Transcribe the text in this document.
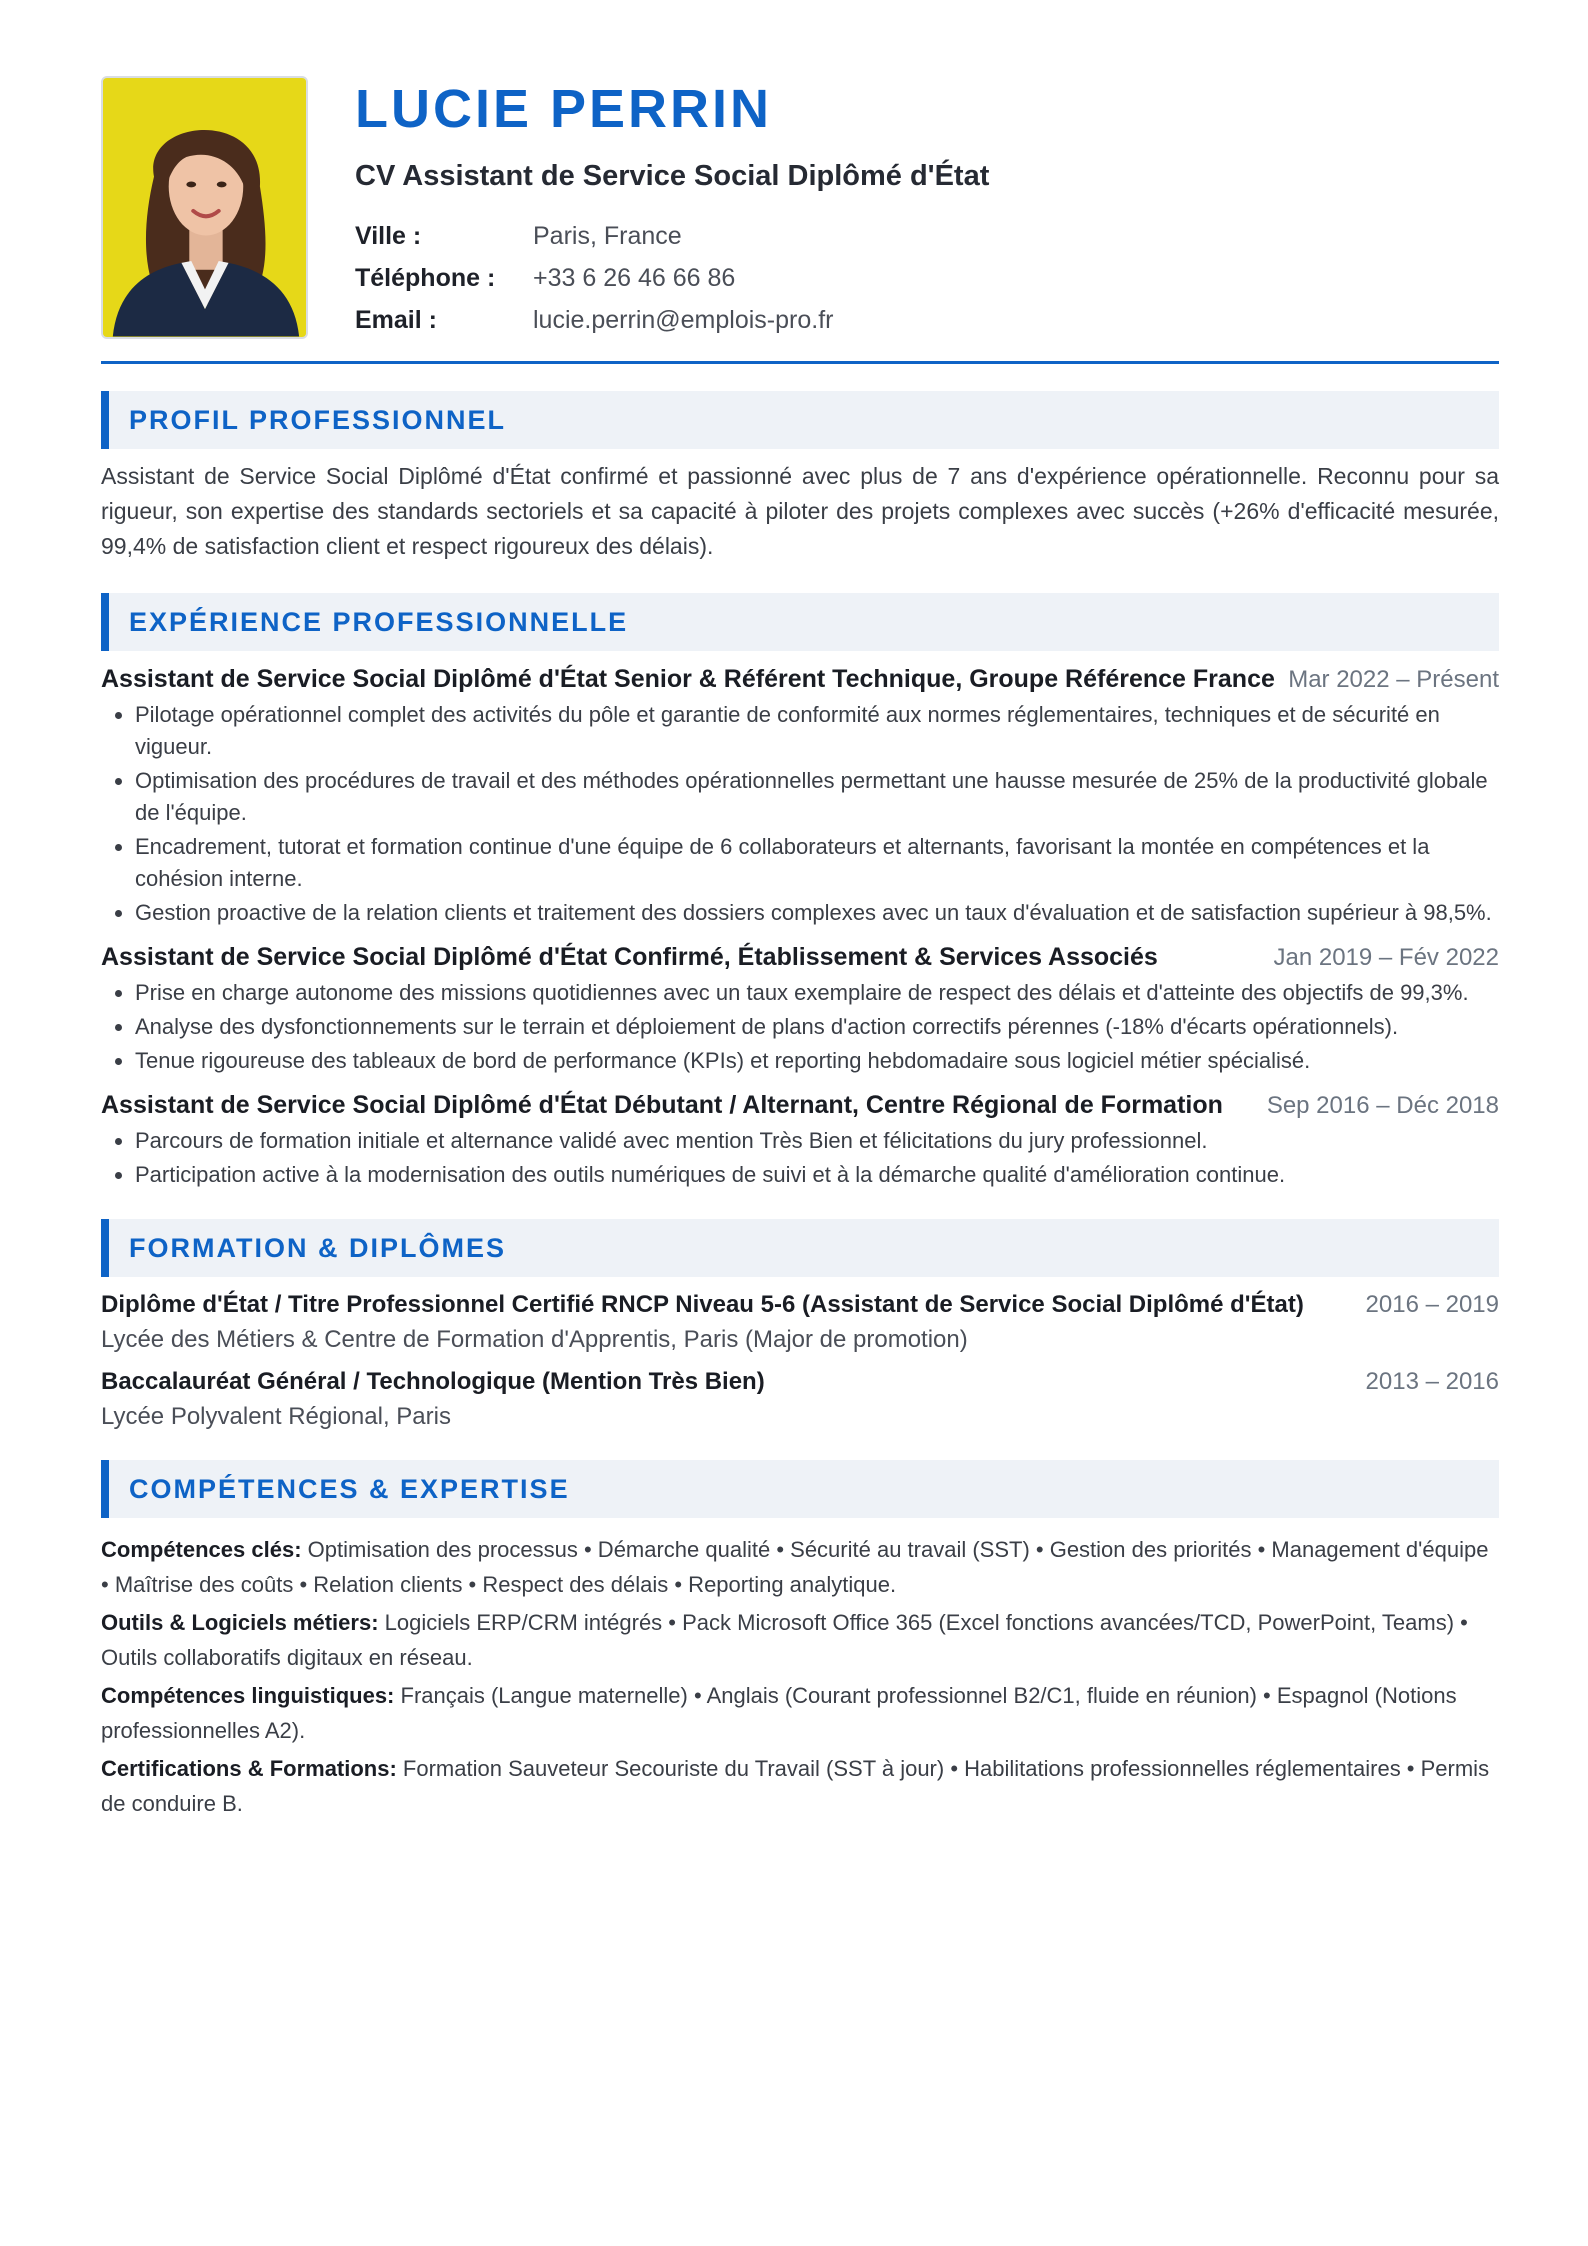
LUCIE PERRIN
CV Assistant de Service Social Diplômé d'État
Ville :	Paris, France
Téléphone :	+33 6 26 46 66 86
Email :	lucie.perrin@emplois-pro.fr
PROFIL PROFESSIONNEL

Assistant de Service Social Diplômé d'État confirmé et passionné avec plus de 7 ans d'expérience opérationnelle. Reconnu pour sa rigueur, son expertise des standards sectoriels et sa capacité à piloter des projets complexes avec succès (+26% d'efficacité mesurée, 99,4% de satisfaction client et respect rigoureux des délais).

EXPÉRIENCE PROFESSIONNELLE
Assistant de Service Social Diplômé d'État Senior & Référent Technique, Groupe Référence France Mar 2022 – Présent
• Pilotage opérationnel complet des activités du pôle et garantie de conformité aux normes réglementaires, techniques et de sécurité en vigueur.
• Optimisation des procédures de travail et des méthodes opérationnelles permettant une hausse mesurée de 25% de la productivité globale de l'équipe.
• Encadrement, tutorat et formation continue d'une équipe de 6 collaborateurs et alternants, favorisant la montée en compétences et la cohésion interne.
• Gestion proactive de la relation clients et traitement des dossiers complexes avec un taux d'évaluation et de satisfaction supérieur à 98,5%.
Assistant de Service Social Diplômé d'État Confirmé, Établissement & Services Associés	Jan 2019 – Fév 2022
• Prise en charge autonome des missions quotidiennes avec un taux exemplaire de respect des délais et d'atteinte des objectifs de 99,3%.
• Analyse des dysfonctionnements sur le terrain et déploiement de plans d'action correctifs pérennes (-18% d'écarts opérationnels).
• Tenue rigoureuse des tableaux de bord de performance (KPIs) et reporting hebdomadaire sous logiciel métier spécialisé.
Assistant de Service Social Diplômé d'État Débutant / Alternant, Centre Régional de Formation Sep 2016 – Déc 2018
• Parcours de formation initiale et alternance validé avec mention Très Bien et félicitations du jury professionnel.
• Participation active à la modernisation des outils numériques de suivi et à la démarche qualité d'amélioration continue.
FORMATION & DIPLÔMES
Diplôme d'État / Titre Professionnel Certifié RNCP Niveau 5-6 (Assistant de Service Social Diplômé d'État)	2016 – 2019
Lycée des Métiers & Centre de Formation d'Apprentis, Paris (Major de promotion)
Baccalauréat Général / Technologique (Mention Très Bien)	2013 – 2016
Lycée Polyvalent Régional, Paris
COMPÉTENCES & EXPERTISE
Compétences clés: Optimisation des processus • Démarche qualité • Sécurité au travail (SST) • Gestion des priorités • Management d'équipe • Maîtrise des coûts • Relation clients • Respect des délais • Reporting analytique.
Outils & Logiciels métiers: Logiciels ERP/CRM intégrés • Pack Microsoft Office 365 (Excel fonctions avancées/TCD, PowerPoint, Teams) • Outils collaboratifs digitaux en réseau.
Compétences linguistiques: Français (Langue maternelle) • Anglais (Courant professionnel B2/C1, fluide en réunion) • Espagnol (Notions professionnelles A2).
Certifications & Formations: Formation Sauveteur Secouriste du Travail (SST à jour) • Habilitations professionnelles réglementaires • Permis de conduire B.
